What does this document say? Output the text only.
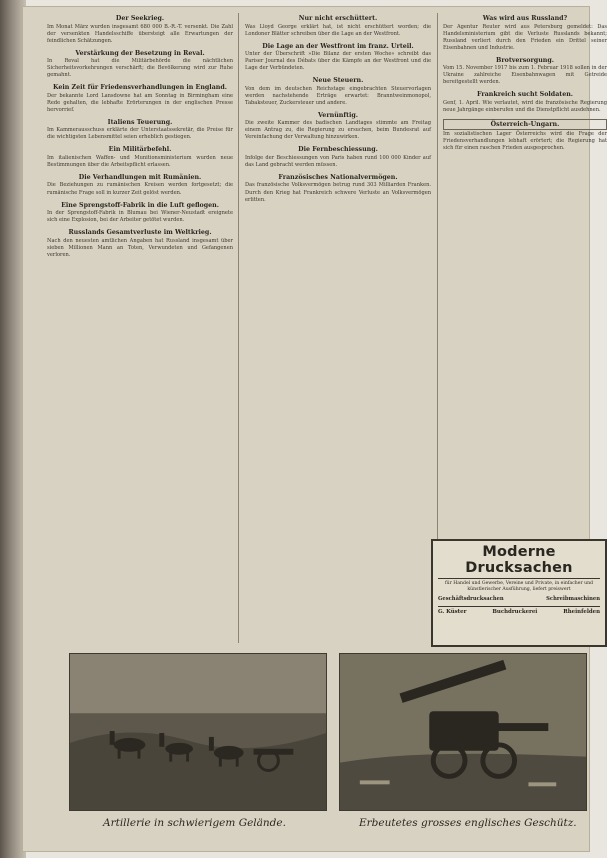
Der Seekrieg.

Im Monat März wurden insgesamt 680 000 B.-R.-T. versenkt. Die Zahl der versenkten Handelsschiffe übersteigt alle Erwartungen der feindlichen Schätzungen.

Verstärkung der Besetzung in Reval.

In Reval hat die Militärbehörde die nächtlichen Sicherheitsvorkehrungen verschärft; die Bevölkerung wird zur Ruhe gemahnt.

Kein Zeit für Friedensverhandlungen in England.

Der bekannte Lord Lansdowne hat am Sonntag in Birmingham eine Rede gehalten, die lebhafte Erörterungen in der englischen Presse hervorrief.

Italiens Teuerung.

Im Kammerausschuss erklärte der Unterstaatssekretär, die Preise für die wichtigsten Lebensmittel seien erheblich gestiegen.

Ein Militärbefehl.

Im italienischen Waffen- und Munitionsministerium wurden neue Bestimmungen über die Arbeitspflicht erlassen.

Die Verhandlungen mit Rumänien.

Die Beziehungen zu rumänischen Kreisen werden fortgesetzt; die rumänische Frage soll in kurzer Zeit gelöst werden.

Eine Sprengstoff-Fabrik in die Luft geflogen.

In der Sprengstoff-Fabrik in Blumau bei Wiener-Neustadt ereignete sich eine Explosion, bei der Arbeiter getötet wurden.

Russlands Gesamtverluste im Weltkrieg.

Nach den neuesten amtlichen Angaben hat Russland insgesamt über sieben Millionen Mann an Toten, Verwundeten und Gefangenen verloren.

Nur nicht erschüttert.

Was Lloyd George erklärt hat, ist nicht erschüttert worden; die Londoner Blätter schreiben über die Lage an der Westfront.

Die Lage an der Westfront im franz. Urteil.

Unter der Überschrift »Die Bilanz der ersten Woche« schreibt das Pariser Journal des Débats über die Kämpfe an der Westfront und die Lage der Verbündeten.

Neue Steuern.

Von dem im deutschen Reichstage eingebrachten Steuervorlagen werden nachstehende Erträge erwartet: Branntweinmonopol, Tabaksteuer, Zuckersteuer und andere.

Vernünftig.

Die zweite Kammer des badischen Landtages stimmte am Freitag einem Antrag zu, die Regierung zu ersuchen, beim Bundesrat auf Vereinfachung der Verwaltung hinzuwirken.

Die Fernbeschiessung.

Infolge der Beschiessungen von Paris haben rund 100 000 Kinder auf das Land gebracht werden müssen.

Französisches Nationalvermögen.

Das französische Volksvermögen betrug rund 303 Milliarden Franken. Durch den Krieg hat Frankreich schwere Verluste an Volksvermögen erlitten.

Was wird aus Russland?

Der Agentur Reuter wird aus Petersburg gemeldet: Das Handelsministerium gibt die Verluste Russlands bekannt; Russland verliert durch den Frieden ein Drittel seiner Eisenbahnen und Industrie.

Brotversorgung.

Vom 15. November 1917 bis zum 1. Februar 1918 sollen in der Ukraine zahlreiche Eisenbahnwagen mit Getreide bereitgestellt werden.

Frankreich sucht Soldaten.

Genf, 1. April. Wie verlautet, wird die französische Regierung neue Jahrgänge einberufen und die Dienstpflicht ausdehnen.

Österreich-Ungarn.

Im sozialistischen Lager Österreichs wird die Frage der Friedensverhandlungen lebhaft erörtert; die Regierung hat sich für einen raschen Frieden ausgesprochen.

Moderne Drucksachen
für Handel und Gewerbe, Vereine und Private, in einfacher und künstlerischer Ausführung, liefert preiswert
Geschäftsdrucksachen	Schreibmaschinen
G. Küster	Buchdruckerei	Rheinfelden
Artillerie in schwierigem Gelände.	Erbeutetes grosses englisches Geschütz.
